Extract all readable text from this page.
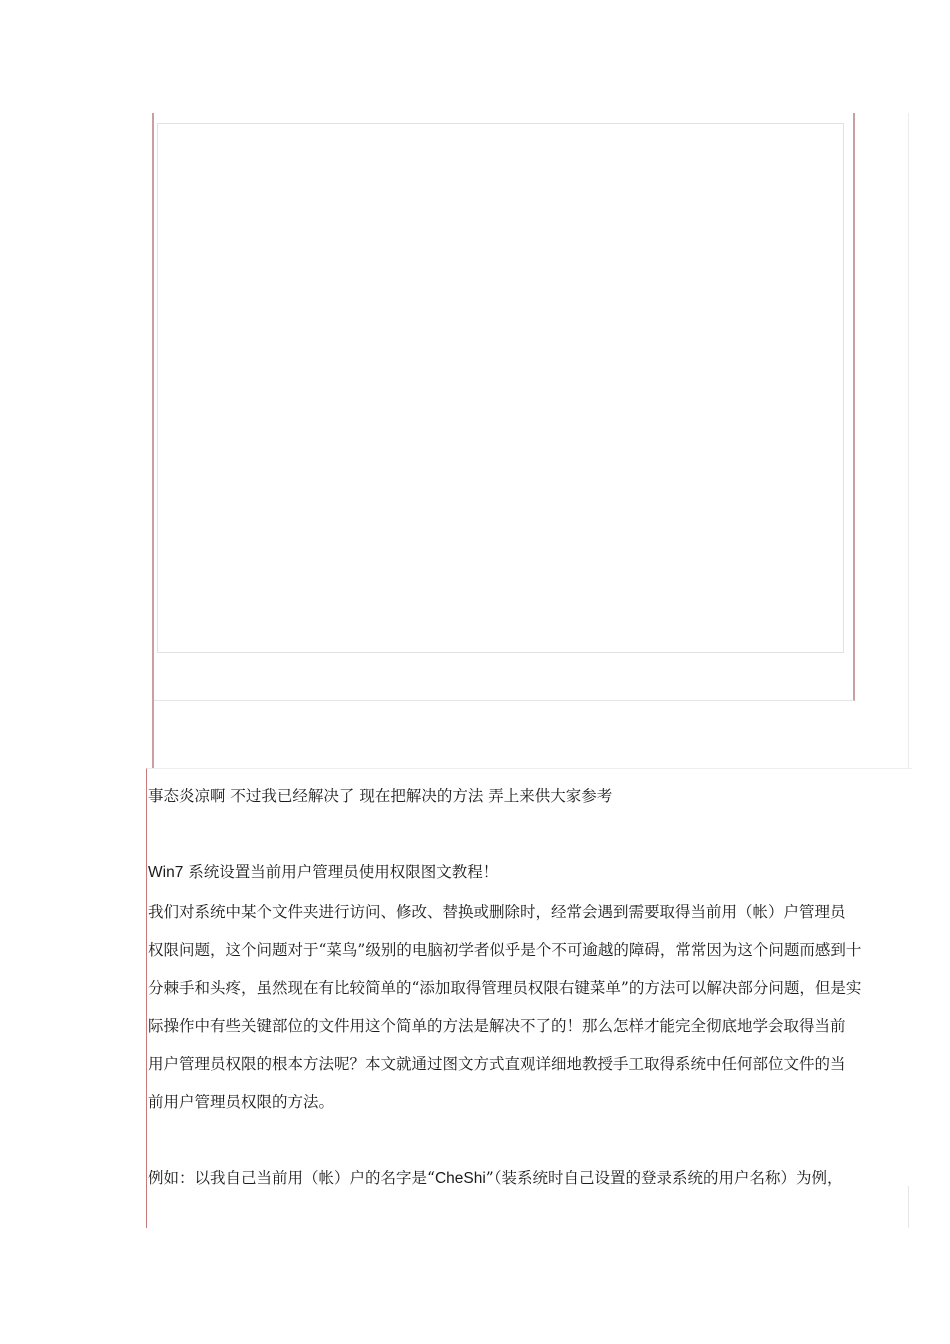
事态炎凉啊 不过我已经解决了 现在把解决的方法 弄上来供大家参考
Win7 系统设置当前用户管理员使用权限图文教程！
我们对系统中某个文件夹进行访问、修改、替换或删除时，经常会遇到需要取得当前用（帐）户管理员
权限问题，这个问题对于“菜鸟”级别的电脑初学者似乎是个不可逾越的障碍，常常因为这个问题而感到十
分棘手和头疼，虽然现在有比较简单的“添加取得管理员权限右键菜单”的方法可以解决部分问题，但是实
际操作中有些关键部位的文件用这个简单的方法是解决不了的！那么怎样才能完全彻底地学会取得当前
用户管理员权限的根本方法呢？本文就通过图文方式直观详细地教授手工取得系统中任何部位文件的当
前用户管理员权限的方法。
例如：以我自己当前用（帐）户的名字是“CheShi”（装系统时自己设置的登录系统的用户名称）为例，
